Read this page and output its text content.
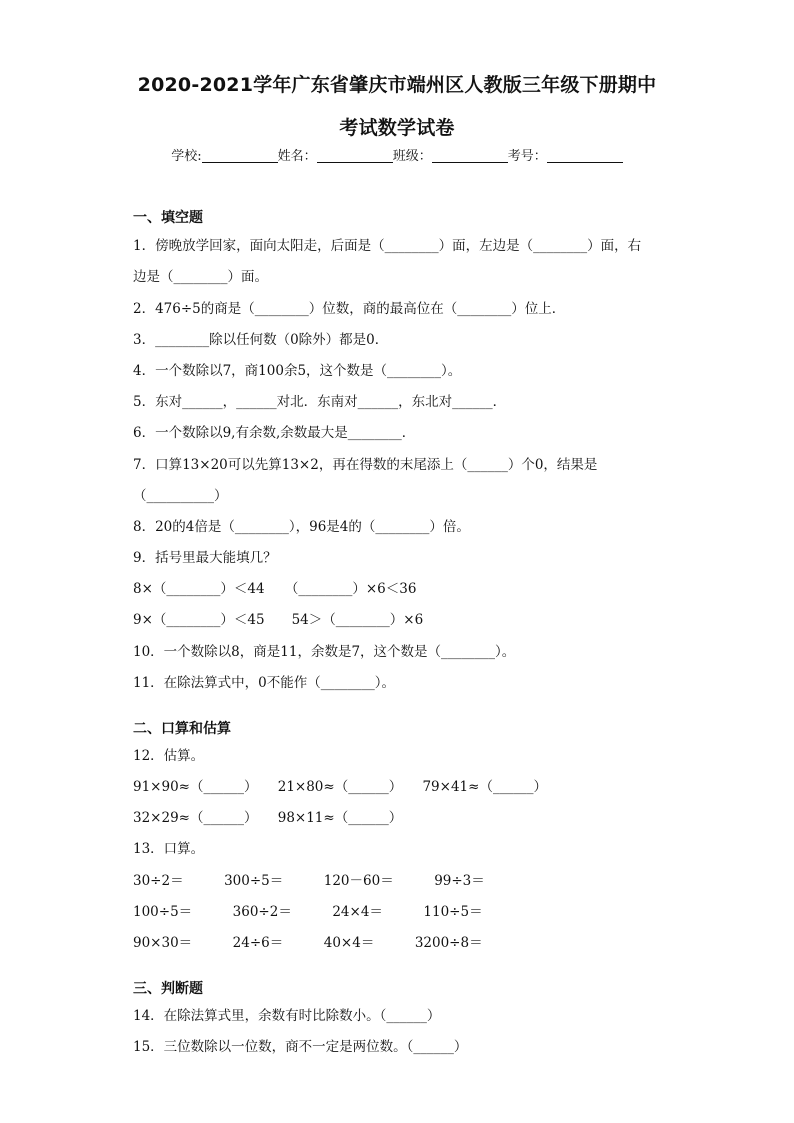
2020-2021学年广东省肇庆市端州区人教版三年级下册期中
考试数学试卷
学校:	姓名：	班级：	考号：
一、填空题
1．傍晚放学回家，面向太阳走，后面是（________）面，左边是（________）面，右
边是（________）面。
2．476÷5的商是（________）位数，商的最高位在（________）位上．
3．________除以任何数（0除外）都是0．
4．一个数除以7，商100余5，这个数是（________）。
5．东对______，______对北．东南对______，东北对______．
6．一个数除以9,有余数,余数最大是________．
7．口算13×20可以先算13×2，再在得数的末尾添上（______）个0，结果是
（__________）
8．20的4倍是（________），96是4的（________）倍。
9．括号里最大能填几？
8×（________）＜44　　（________）×6＜36
9×（________）＜45　　54＞（________）×6
10．一个数除以8，商是11，余数是7，这个数是（________）。
11．在除法算式中，0不能作（________）。
二、口算和估算
12．估算。
91×90≈（______）　　21×80≈（______）　　79×41≈（______）
32×29≈（______）　　98×11≈（______）
13．口算。
30÷2＝　　　300÷5＝　　　120－60＝　　　99÷3＝
100÷5＝　　　360÷2＝　　　24×4＝　　　110÷5＝
90×30＝　　　24÷6＝　　　40×4＝　　　3200÷8＝
三、判断题
14．在除法算式里，余数有时比除数小。（______）
15．三位数除以一位数，商不一定是两位数。（______）
